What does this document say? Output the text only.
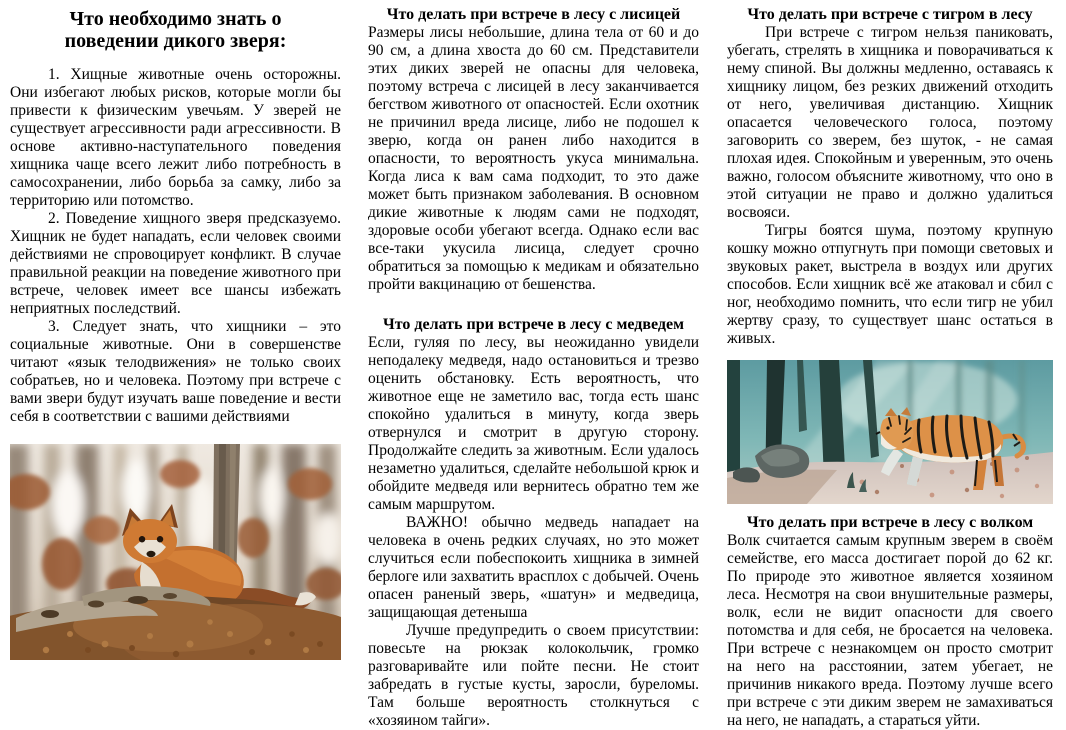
Что необходимо знать о поведении дикого зверя:

1. Хищные животные очень осторожны. Они избегают любых рисков, которые могли бы привести к физическим увечьям. У зверей не существует агрессивности ради агрессивности. В основе активно-наступательного поведения хищника чаще всего лежит либо потребность в самосохранении, либо борьба за самку, либо за территорию или потомство.

2. Поведение хищного зверя предсказуемо. Хищник не будет нападать, если человек своими действиями не спровоцирует конфликт. В случае правильной реакции на поведение животного при встрече, человек имеет все шансы избежать неприятных последствий.

3. Следует знать, что хищники – это социальные животные. Они в совершенстве читают «язык телодвижения» не только своих собратьев, но и человека. Поэтому при встрече с вами звери будут изучать ваше поведение и вести себя в соответствии с вашими действиями

Что делать при встрече в лесу с лисицей

Размеры лисы небольшие, длина тела от 60 и до 90 см, а длина хвоста до 60 см. Представители этих диких зверей не опасны для человека, поэтому встреча с лисицей в лесу заканчивается бегством животного от опасностей. Если охотник не причинил вреда лисице, либо не подошел к зверю, когда он ранен либо находится в опасности, то вероятность укуса минимальна. Когда лиса к вам сама подходит, то это даже может быть признаком заболевания. В основном дикие животные к людям сами не подходят, здоровые особи убегают всегда. Однако если вас все-таки укусила лисица, следует срочно обратиться за помощью к медикам и обязательно пройти вакцинацию от бешенства.

Что делать при встрече в лесу с медведем

Если, гуляя по лесу, вы неожиданно увидели неподалеку медведя, надо остановиться и трезво оценить обстановку. Есть вероятность, что животное еще не заметило вас, тогда есть шанс спокойно удалиться в минуту, когда зверь отвернулся и смотрит в другую сторону. Продолжайте следить за животным. Если удалось незаметно удалиться, сделайте небольшой крюк и обойдите медведя или вернитесь обратно тем же самым маршрутом.

ВАЖНО! обычно медведь нападает на человека в очень редких случаях, но это может случиться если побеспокоить хищника в зимней берлоге или захватить врасплох с добычей. Очень опасен раненый зверь, «шатун» и медведица, защищающая детеныша

Лучше предупредить о своем присутствии: повесьте на рюкзак колокольчик, громко разговаривайте или пойте песни. Не стоит забредать в густые кусты, заросли, буреломы. Там больше вероятность столкнуться с «хозяином тайги».

Что делать при встрече с тигром в лесу

При встрече с тигром нельзя паниковать, убегать, стрелять в хищника и поворачиваться к нему спиной. Вы должны медленно, оставаясь к хищнику лицом, без резких движений отходить от него, увеличивая дистанцию. Хищник опасается человеческого голоса, поэтому заговорить со зверем, без шуток, - не самая плохая идея. Спокойным и уверенным, это очень важно, голосом объясните животному, что оно в этой ситуации не право и должно удалиться восвояси.

Тигры боятся шума, поэтому крупную кошку можно отпугнуть при помощи световых и звуковых ракет, выстрела в воздух или других способов. Если хищник всё же атаковал и сбил с ног, необходимо помнить, что если тигр не убил жертву сразу, то существует шанс остаться в живых.

Что делать при встрече в лесу с волком

Волк считается самым крупным зверем в своём семействе, его масса достигает порой до 62 кг. По природе это животное является хозяином леса. Несмотря на свои внушительные размеры, волк, если не видит опасности для своего потомства и для себя, не бросается на человека. При встрече с незнакомцем он просто смотрит на него на расстоянии, затем убегает, не причинив никакого вреда. Поэтому лучше всего при встрече с эти диким зверем не замахиваться на него, не нападать, а стараться уйти.
